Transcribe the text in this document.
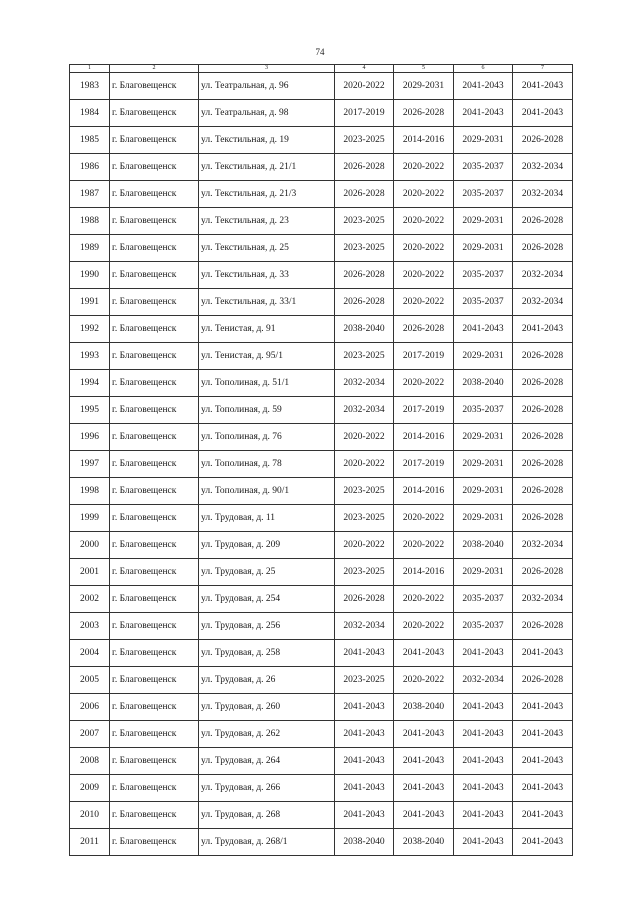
74
1	2	3	4	5	6	7
1983	г. Благовещенск	ул. Театральная, д. 96	2020-2022	2029-2031	2041-2043	2041-2043
1984	г. Благовещенск	ул. Театральная, д. 98	2017-2019	2026-2028	2041-2043	2041-2043
1985	г. Благовещенск	ул. Текстильная, д. 19	2023-2025	2014-2016	2029-2031	2026-2028
1986	г. Благовещенск	ул. Текстильная, д. 21/1	2026-2028	2020-2022	2035-2037	2032-2034
1987	г. Благовещенск	ул. Текстильная, д. 21/3	2026-2028	2020-2022	2035-2037	2032-2034
1988	г. Благовещенск	ул. Текстильная, д. 23	2023-2025	2020-2022	2029-2031	2026-2028
1989	г. Благовещенск	ул. Текстильная, д. 25	2023-2025	2020-2022	2029-2031	2026-2028
1990	г. Благовещенск	ул. Текстильная, д. 33	2026-2028	2020-2022	2035-2037	2032-2034
1991	г. Благовещенск	ул. Текстильная, д. 33/1	2026-2028	2020-2022	2035-2037	2032-2034
1992	г. Благовещенск	ул. Тенистая, д. 91	2038-2040	2026-2028	2041-2043	2041-2043
1993	г. Благовещенск	ул. Тенистая, д. 95/1	2023-2025	2017-2019	2029-2031	2026-2028
1994	г. Благовещенск	ул. Тополиная, д. 51/1	2032-2034	2020-2022	2038-2040	2026-2028
1995	г. Благовещенск	ул. Тополиная, д. 59	2032-2034	2017-2019	2035-2037	2026-2028
1996	г. Благовещенск	ул. Тополиная, д. 76	2020-2022	2014-2016	2029-2031	2026-2028
1997	г. Благовещенск	ул. Тополиная, д. 78	2020-2022	2017-2019	2029-2031	2026-2028
1998	г. Благовещенск	ул. Тополиная, д. 90/1	2023-2025	2014-2016	2029-2031	2026-2028
1999	г. Благовещенск	ул. Трудовая, д. 11	2023-2025	2020-2022	2029-2031	2026-2028
2000	г. Благовещенск	ул. Трудовая, д. 209	2020-2022	2020-2022	2038-2040	2032-2034
2001	г. Благовещенск	ул. Трудовая, д. 25	2023-2025	2014-2016	2029-2031	2026-2028
2002	г. Благовещенск	ул. Трудовая, д. 254	2026-2028	2020-2022	2035-2037	2032-2034
2003	г. Благовещенск	ул. Трудовая, д. 256	2032-2034	2020-2022	2035-2037	2026-2028
2004	г. Благовещенск	ул. Трудовая, д. 258	2041-2043	2041-2043	2041-2043	2041-2043
2005	г. Благовещенск	ул. Трудовая, д. 26	2023-2025	2020-2022	2032-2034	2026-2028
2006	г. Благовещенск	ул. Трудовая, д. 260	2041-2043	2038-2040	2041-2043	2041-2043
2007	г. Благовещенск	ул. Трудовая, д. 262	2041-2043	2041-2043	2041-2043	2041-2043
2008	г. Благовещенск	ул. Трудовая, д. 264	2041-2043	2041-2043	2041-2043	2041-2043
2009	г. Благовещенск	ул. Трудовая, д. 266	2041-2043	2041-2043	2041-2043	2041-2043
2010	г. Благовещенск	ул. Трудовая, д. 268	2041-2043	2041-2043	2041-2043	2041-2043
2011	г. Благовещенск	ул. Трудовая, д. 268/1	2038-2040	2038-2040	2041-2043	2041-2043
